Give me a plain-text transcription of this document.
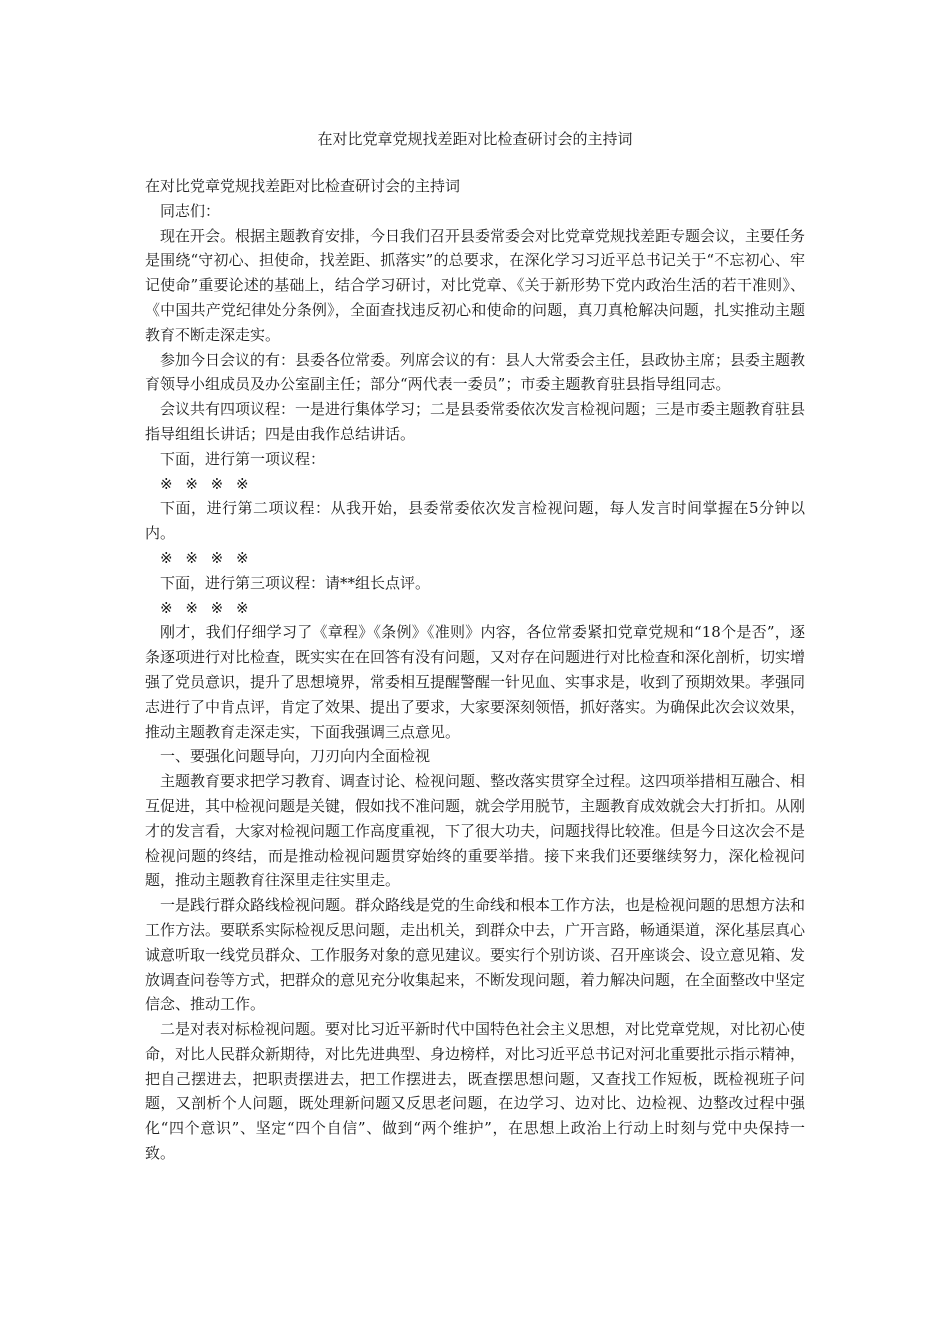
在对比党章党规找差距对比检查研讨会的主持词

在对比党章党规找差距对比检查研讨会的主持词

同志们：

现在开会。根据主题教育安排，今日我们召开县委常委会对比党章党规找差距专题会议，主要任务是围绕“守初心、担使命，找差距、抓落实”的总要求，在深化学习习近平总书记关于“不忘初心、牢记使命”重要论述的基础上，结合学习研讨，对比党章、《关于新形势下党内政治生活的若干准则》、《中国共产党纪律处分条例》，全面查找违反初心和使命的问题，真刀真枪解决问题，扎实推动主题教育不断走深走实。

参加今日会议的有：县委各位常委。列席会议的有：县人大常委会主任，县政协主席；县委主题教育领导小组成员及办公室副主任；部分“两代表一委员”；市委主题教育驻县指导组同志。

会议共有四项议程：一是进行集体学习；二是县委常委依次发言检视问题；三是市委主题教育驻县指导组组长讲话；四是由我作总结讲话。

下面，进行第一项议程：

※ ※ ※ ※

下面，进行第二项议程：从我开始，县委常委依次发言检视问题，每人发言时间掌握在5分钟以内。

※ ※ ※ ※

下面，进行第三项议程：请**组长点评。

※ ※ ※ ※

刚才，我们仔细学习了《章程》《条例》《准则》内容，各位常委紧扣党章党规和“18个是否”，逐条逐项进行对比检查，既实实在在回答有没有问题，又对存在问题进行对比检查和深化剖析，切实增强了党员意识，提升了思想境界，常委相互提醒警醒一针见血、实事求是，收到了预期效果。孝强同志进行了中肯点评，肯定了效果、提出了要求，大家要深刻领悟，抓好落实。为确保此次会议效果，推动主题教育走深走实，下面我强调三点意见。

一、要强化问题导向，刀刃向内全面检视

主题教育要求把学习教育、调查讨论、检视问题、整改落实贯穿全过程。这四项举措相互融合、相互促进，其中检视问题是关键，假如找不准问题，就会学用脱节，主题教育成效就会大打折扣。从刚才的发言看，大家对检视问题工作高度重视，下了很大功夫，问题找得比较准。但是今日这次会不是检视问题的终结，而是推动检视问题贯穿始终的重要举措。接下来我们还要继续努力，深化检视问题，推动主题教育往深里走往实里走。

一是践行群众路线检视问题。群众路线是党的生命线和根本工作方法，也是检视问题的思想方法和工作方法。要联系实际检视反思问题，走出机关，到群众中去，广开言路，畅通渠道，深化基层真心诚意听取一线党员群众、工作服务对象的意见建议。要实行个别访谈、召开座谈会、设立意见箱、发放调查问卷等方式，把群众的意见充分收集起来，不断发现问题，着力解决问题，在全面整改中坚定信念、推动工作。

二是对表对标检视问题。要对比习近平新时代中国特色社会主义思想，对比党章党规，对比初心使命，对比人民群众新期待，对比先进典型、身边榜样，对比习近平总书记对河北重要批示指示精神，把自己摆进去，把职责摆进去，把工作摆进去，既查摆思想问题，又查找工作短板，既检视班子问题，又剖析个人问题，既处理新问题又反思老问题，在边学习、边对比、边检视、边整改过程中强化“四个意识”、坚定“四个自信”、做到“两个维护”，在思想上政治上行动上时刻与党中央保持一致。
